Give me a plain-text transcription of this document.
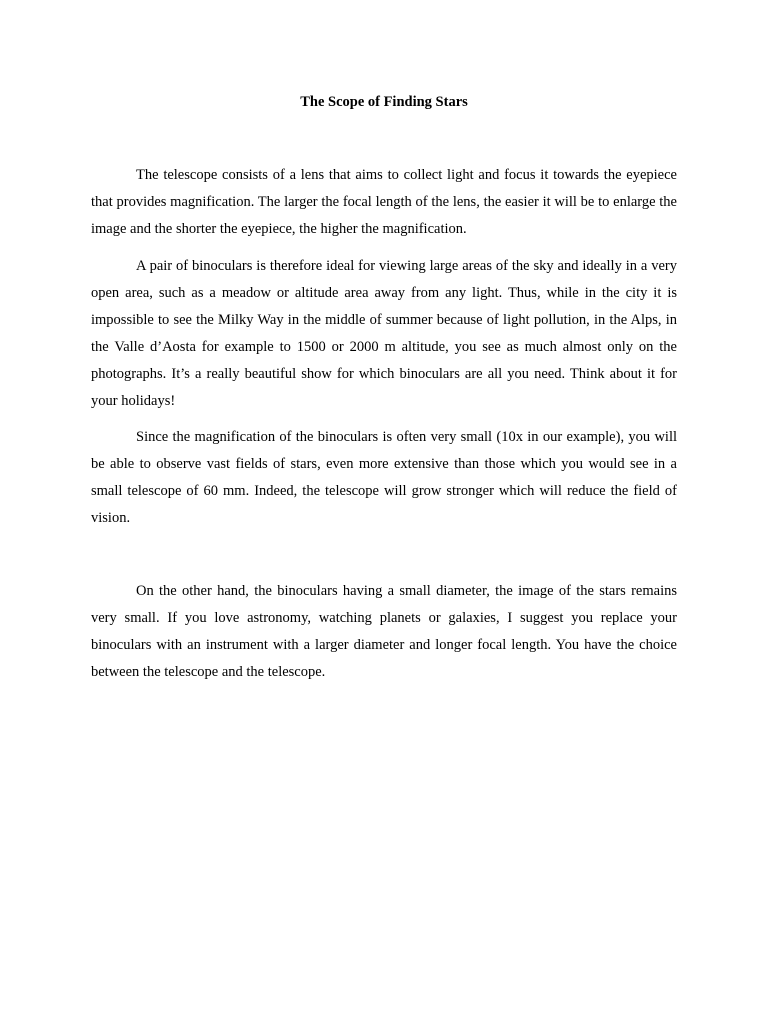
The Scope of Finding Stars

The telescope consists of a lens that aims to collect light and focus it towards the eyepiece that provides magnification. The larger the focal length of the lens, the easier it will be to enlarge the image and the shorter the eyepiece, the higher the magnification.

A pair of binoculars is therefore ideal for viewing large areas of the sky and ideally in a very open area, such as a meadow or altitude area away from any light. Thus, while in the city it is impossible to see the Milky Way in the middle of summer because of light pollution, in the Alps, in the Valle d’Aosta for example to 1500 or 2000 m altitude, you see as much almost only on the photographs. It’s a really beautiful show for which binoculars are all you need. Think about it for your holidays!

Since the magnification of the binoculars is often very small (10x in our example), you will be able to observe vast fields of stars, even more extensive than those which you would see in a small telescope of 60 mm. Indeed, the telescope will grow stronger which will reduce the field of vision.

On the other hand, the binoculars having a small diameter, the image of the stars remains very small. If you love astronomy, watching planets or galaxies, I suggest you replace your binoculars with an instrument with a larger diameter and longer focal length. You have the choice between the telescope and the telescope.
